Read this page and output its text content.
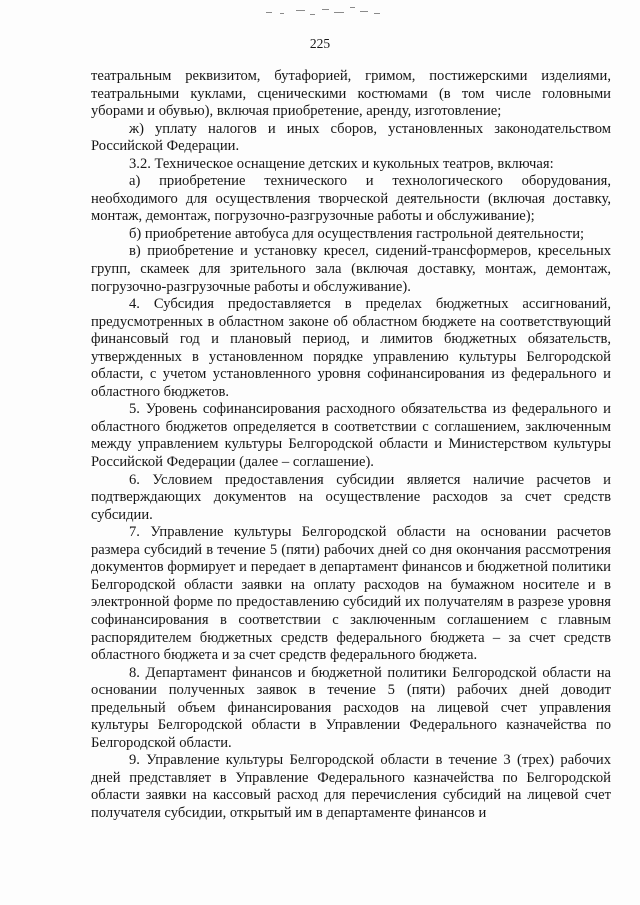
225

театральным реквизитом, бутафорией, гримом, постижерскими изделиями, театральными куклами, сценическими костюмами (в том числе головными уборами и обувью), включая приобретение, аренду, изготовление;

ж) уплату налогов и иных сборов, установленных законодательством Российской Федерации.

3.2. Техническое оснащение детских и кукольных театров, включая:

а) приобретение технического и технологического оборудования, необходимого для осуществления творческой деятельности (включая доставку, монтаж, демонтаж, погрузочно-разгрузочные работы и обслуживание);

б) приобретение автобуса для осуществления гастрольной деятельности;

в) приобретение и установку кресел, сидений-трансформеров, кресельных групп, скамеек для зрительного зала (включая доставку, монтаж, демонтаж, погрузочно-разгрузочные работы и обслуживание).

4. Субсидия предоставляется в пределах бюджетных ассигнований, предусмотренных в областном законе об областном бюджете на соответствующий финансовый год и плановый период, и лимитов бюджетных обязательств, утвержденных в установленном порядке управлению культуры Белгородской области, с учетом установленного уровня софинансирования из федерального и областного бюджетов.

5. Уровень софинансирования расходного обязательства из федерального и областного бюджетов определяется в соответствии с соглашением, заключенным между управлением культуры Белгородской области и Министерством культуры Российской Федерации (далее – соглашение).

6. Условием предоставления субсидии является наличие расчетов и подтверждающих документов на осуществление расходов за счет средств субсидии.

7. Управление культуры Белгородской области на основании расчетов размера субсидий в течение 5 (пяти) рабочих дней со дня окончания рассмотрения документов формирует и передает в департамент финансов и бюджетной политики Белгородской области заявки на оплату расходов на бумажном носителе и в электронной форме по предоставлению субсидий их получателям в разрезе уровня софинансирования в соответствии с заключенным соглашением с главным распорядителем бюджетных средств федерального бюджета – за счет средств областного бюджета и за счет средств федерального бюджета.

8. Департамент финансов и бюджетной политики Белгородской области на основании полученных заявок в течение 5 (пяти) рабочих дней доводит предельный объем финансирования расходов на лицевой счет управления культуры Белгородской области в Управлении Федерального казначейства по Белгородской области.

9. Управление культуры Белгородской области в течение 3 (трех) рабочих дней представляет в Управление Федерального казначейства по Белгородской области заявки на кассовый расход для перечисления субсидий на лицевой счет получателя субсидии, открытый им в департаменте финансов и
